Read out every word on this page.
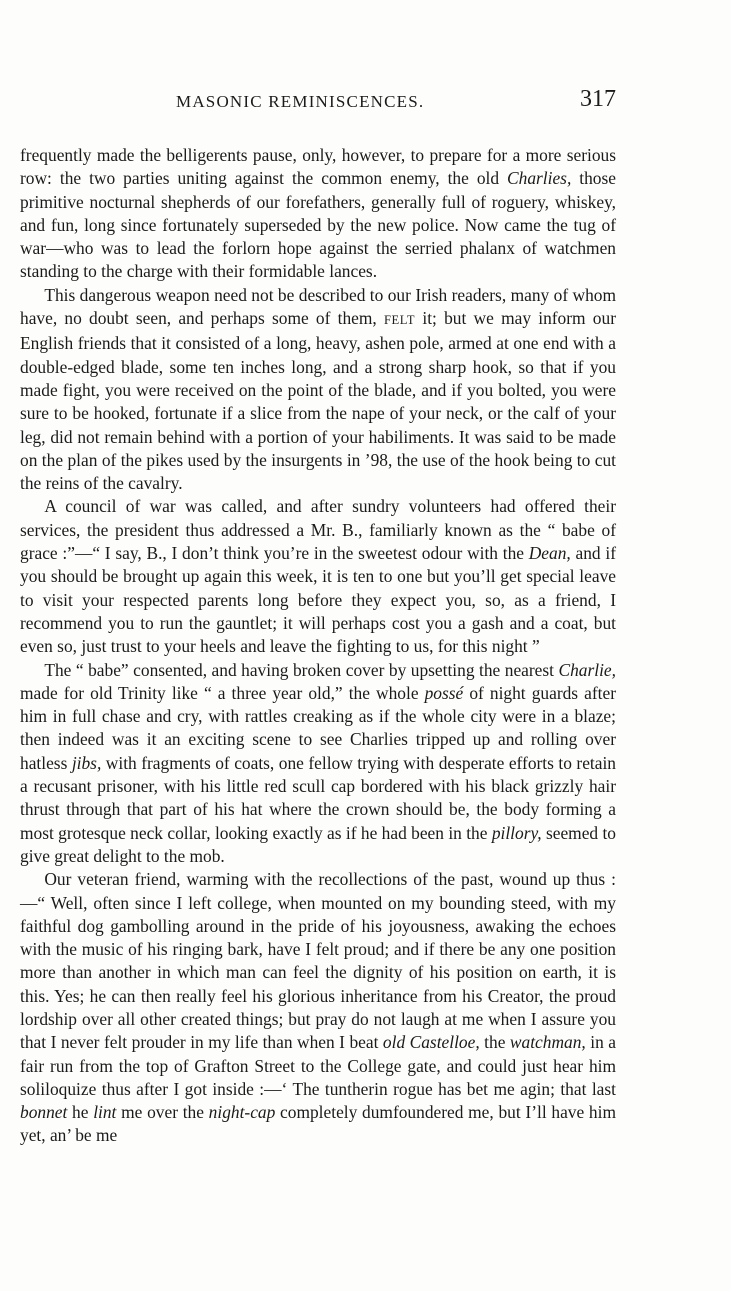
MASONIC REMINISCENCES.	317

frequently made the belligerents pause, only, however, to prepare for a more serious row: the two parties uniting against the common enemy, the old Charlies, those primitive nocturnal shepherds of our forefathers, generally full of roguery, whiskey, and fun, long since fortunately superseded by the new police. Now came the tug of war—who was to lead the forlorn hope against the serried phalanx of watchmen standing to the charge with their formidable lances.

This dangerous weapon need not be described to our Irish readers, many of whom have, no doubt seen, and perhaps some of them, FELT it; but we may inform our English friends that it consisted of a long, heavy, ashen pole, armed at one end with a double-edged blade, some ten inches long, and a strong sharp hook, so that if you made fight, you were received on the point of the blade, and if you bolted, you were sure to be hooked, fortunate if a slice from the nape of your neck, or the calf of your leg, did not remain behind with a portion of your habiliments. It was said to be made on the plan of the pikes used by the insurgents in ’98, the use of the hook being to cut the reins of the cavalry.

A council of war was called, and after sundry volunteers had offered their services, the president thus addressed a Mr. B., familiarly known as the “ babe of grace :”—“ I say, B., I don’t think you’re in the sweetest odour with the Dean, and if you should be brought up again this week, it is ten to one but you’ll get special leave to visit your respected parents long before they expect you, so, as a friend, I recommend you to run the gauntlet; it will perhaps cost you a gash and a coat, but even so, just trust to your heels and leave the fighting to us, for this night ”

The “ babe” consented, and having broken cover by upsetting the nearest Charlie, made for old Trinity like “ a three year old,” the whole possé of night guards after him in full chase and cry, with rattles creaking as if the whole city were in a blaze; then indeed was it an exciting scene to see Charlies tripped up and rolling over hatless jibs, with fragments of coats, one fellow trying with desperate efforts to retain a recusant prisoner, with his little red scull cap bordered with his black grizzly hair thrust through that part of his hat where the crown should be, the body forming a most grotesque neck collar, looking exactly as if he had been in the pillory, seemed to give great delight to the mob.

Our veteran friend, warming with the recollections of the past, wound up thus :—“ Well, often since I left college, when mounted on my bounding steed, with my faithful dog gambolling around in the pride of his joyousness, awaking the echoes with the music of his ringing bark, have I felt proud; and if there be any one position more than another in which man can feel the dignity of his position on earth, it is this. Yes; he can then really feel his glorious inheritance from his Creator, the proud lordship over all other created things; but pray do not laugh at me when I assure you that I never felt prouder in my life than when I beat old Castelloe, the watchman, in a fair run from the top of Grafton Street to the College gate, and could just hear him soliloquize thus after I got inside :—‘ The tuntherin rogue has bet me agin; that last bonnet he lint me over the night-cap completely dumfoundered me, but I’ll have him yet, an’ be me
